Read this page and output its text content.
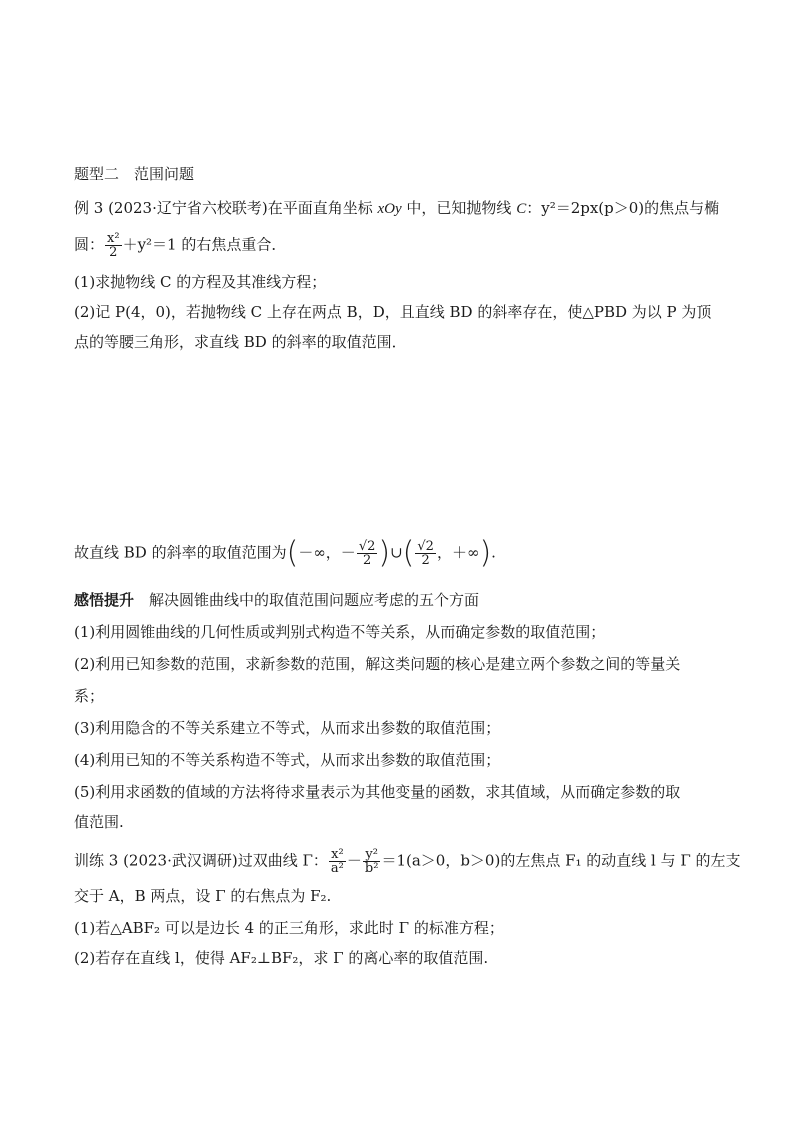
题型二　范围问题
例 3 (2023·辽宁省六校联考)在平面直角坐标 xOy 中，已知抛物线 C：y²＝2px(p＞0)的焦点与椭
圆： $\frac{\text{x²}}{2} +y^2=1$ 的右焦点重合．
(1)求抛物线 C 的方程及其准线方程；
(2)记 P(4，0)，若抛物线 C 上存在两点 B，D，且直线 BD 的斜率存在，使△PBD 为以 P 为顶
点的等腰三角形，求直线 BD 的斜率的取值范围．
故直线 BD 的斜率的取值范围为(－∞，－ $\frac{√2}{2}$ )∪( $\frac{√2}{2}$ ，＋∞).
感悟提升　 解决圆锥曲线中的取值范围问题应考虑的五个方面
(1)利用圆锥曲线的几何性质或判别式构造不等关系，从而确定参数的取值范围；
(2)利用已知参数的范围，求新参数的范围，解这类问题的核心是建立两个参数之间的等量关
系；
(3)利用隐含的不等关系建立不等式，从而求出参数的取值范围；
(4)利用已知的不等关系构造不等式，从而求出参数的取值范围；
(5)利用求函数的值域的方法将待求量表示为其他变量的函数，求其值域，从而确定参数的取
值范围.
训练 3 (2023·武汉调研)过双曲线 Γ： $\frac{\text{x²}}{\text{a²}} - \frac{\text{y²}}{\text{b²}} =1(a>0$，b＞0)的左焦点 F₁ 的动直线 l 与 Γ 的左支
交于 A，B 两点，设 Γ 的右焦点为 F₂.
(1)若△ABF₂ 可以是边长 4 的正三角形，求此时 Γ 的标准方程；
(2)若存在直线 l，使得 AF₂⊥BF₂，求 Γ 的离心率的取值范围.
